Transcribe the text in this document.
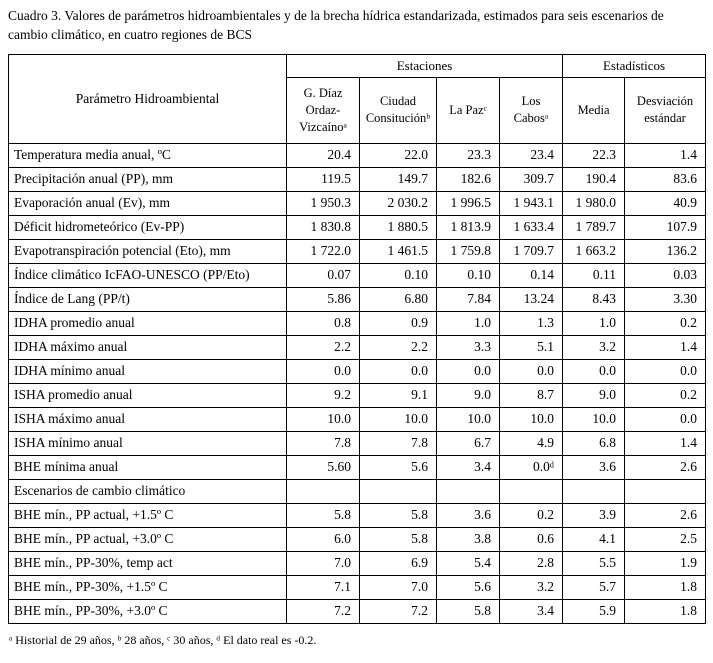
Cuadro 3. Valores de parámetros hidroambientales y de la brecha hídrica estandarizada, estimados para seis escenarios de cambio climático, en cuatro regiones de BCS

Parámetro Hidroambiental	Estaciones				Estadísticos	
	G. Díaz Ordaz-Vizcaínoᵃ	Ciudad Consituciónᵇ	La Pazᶜ	Los Cabosᵃ	Media	Desviación estándar
Temperatura media anual, ºC	20.4	22.0	23.3	23.4	22.3	1.4
Precipitación anual (PP), mm	119.5	149.7	182.6	309.7	190.4	83.6
Evaporación anual (Ev), mm	1 950.3	2 030.2	1 996.5	1 943.1	1 980.0	40.9
Déficit hidrometeórico (Ev-PP)	1 830.8	1 880.5	1 813.9	1 633.4	1 789.7	107.9
Evapotranspiración potencial (Eto), mm	1 722.0	1 461.5	1 759.8	1 709.7	1 663.2	136.2
Índice climático IcFAO-UNESCO (PP/Eto)	0.07	0.10	0.10	0.14	0.11	0.03
Índice de Lang (PP/t)	5.86	6.80	7.84	13.24	8.43	3.30
IDHA promedio anual	0.8	0.9	1.0	1.3	1.0	0.2
IDHA máximo anual	2.2	2.2	3.3	5.1	3.2	1.4
IDHA mínimo anual	0.0	0.0	0.0	0.0	0.0	0.0
ISHA promedio anual	9.2	9.1	9.0	8.7	9.0	0.2
ISHA máximo anual	10.0	10.0	10.0	10.0	10.0	0.0
ISHA mínimo anual	7.8	7.8	6.7	4.9	6.8	1.4
BHE mínima anual	5.60	5.6	3.4	0.0ᵈ	3.6	2.6
Escenarios de cambio climático						
BHE mín., PP actual, +1.5º C	5.8	5.8	3.6	0.2	3.9	2.6
BHE mín., PP actual, +3.0º C	6.0	5.8	3.8	0.6	4.1	2.5
BHE mín., PP-30%, temp act	7.0	6.9	5.4	2.8	5.5	1.9
BHE mín., PP-30%, +1.5º C	7.1	7.0	5.6	3.2	5.7	1.8
BHE mín., PP-30%, +3.0º C	7.2	7.2	5.8	3.4	5.9	1.8

ᵃ Historial de 29 años, ᵇ 28 años, ᶜ 30 años, ᵈ El dato real es -0.2.
